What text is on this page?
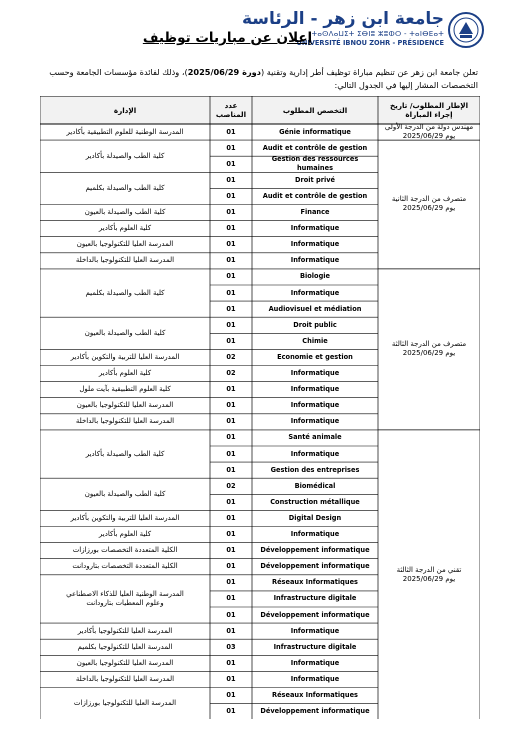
جامعة ابن زهر - الرئاسة
ⵜⴰⵙⴷⴰⵡⵉⵜ ⵉⴱⵏⵓ ⵣⵓⵀⵔ - ⵜⴰⵏⴱⴹⴰⵜ
UNIVERSITÉ IBNOU ZOHR - PRÉSIDENCE
إعلان عن مباريات توظيف
تعلن جامعة ابن زهر عن تنظيم مباراة توظيف أطر إدارية وتقنية (دورة 2025/06/29)، وذلك لفائدة مؤسسات الجامعة وحسب التخصصات المشار إليها في الجدول التالي:
الإطار المطلوب/ تاريخ إجراء المباراة
التخصص المطلوب
عدد المناصب
الإدارة
Génie informatique
01
Audit et contrôle de gestion
01
Gestion des ressources humaines
01
Droit privé
01
Audit et contrôle de gestion
01
Finance
01
Informatique
01
Informatique
01
Informatique
01
Biologie
01
Informatique
01
Audiovisuel et médiation
01
Droit public
01
Chimie
01
Economie et gestion
02
Informatique
02
Informatique
01
Informatique
01
Informatique
01
Santé animale
01
Informatique
01
Gestion des entreprises
01
Biomédical
02
Construction métallique
01
Digital Design
01
Informatique
01
Développement informatique
01
Développement informatique
01
Réseaux Informatiques
01
Infrastructure digitale
01
Développement informatique
01
Informatique
01
Infrastructure digitale
03
Informatique
01
Informatique
01
Réseaux Informatiques
01
Développement informatique
01
المدرسة الوطنية للعلوم التطبيقية بأكادير
كلية الطب والصيدلة بأكادير
كلية الطب والصيدلة بكلميم
كلية الطب والصيدلة بالعيون
كلية العلوم بأكادير
المدرسة العليا للتكنولوجيا بالعيون
المدرسة العليا للتكنولوجيا بالداخلة
كلية الطب والصيدلة بكلميم
كلية الطب والصيدلة بالعيون
المدرسة العليا للتربية والتكوين بأكادير
كلية العلوم بأكادير
كلية العلوم التطبيقية بآيت ملول
المدرسة العليا للتكنولوجيا بالعيون
المدرسة العليا للتكنولوجيا بالداخلة
كلية الطب والصيدلة بأكادير
كلية الطب والصيدلة بالعيون
المدرسة العليا للتربية والتكوين بأكادير
كلية العلوم بأكادير
الكلية المتعددة التخصصات بورزازات
الكلية المتعددة التخصصات بتارودانت
المدرسة الوطنية العليا للذكاء الاصطناعي
وعلوم المعطيات بتارودانت
المدرسة العليا للتكنولوجيا بأكادير
المدرسة العليا للتكنولوجيا بكلميم
المدرسة العليا للتكنولوجيا بالعيون
المدرسة العليا للتكنولوجيا بالداخلة
المدرسة العليا للتكنولوجيا بورزازات
مهندس دولة من الدرجة الأولى
يوم 2025/06/29
متصرف من الدرجة الثانية
يوم 2025/06/29
متصرف من الدرجة الثالثة
يوم 2025/06/29
تقني من الدرجة الثالثة
يوم 2025/06/29
